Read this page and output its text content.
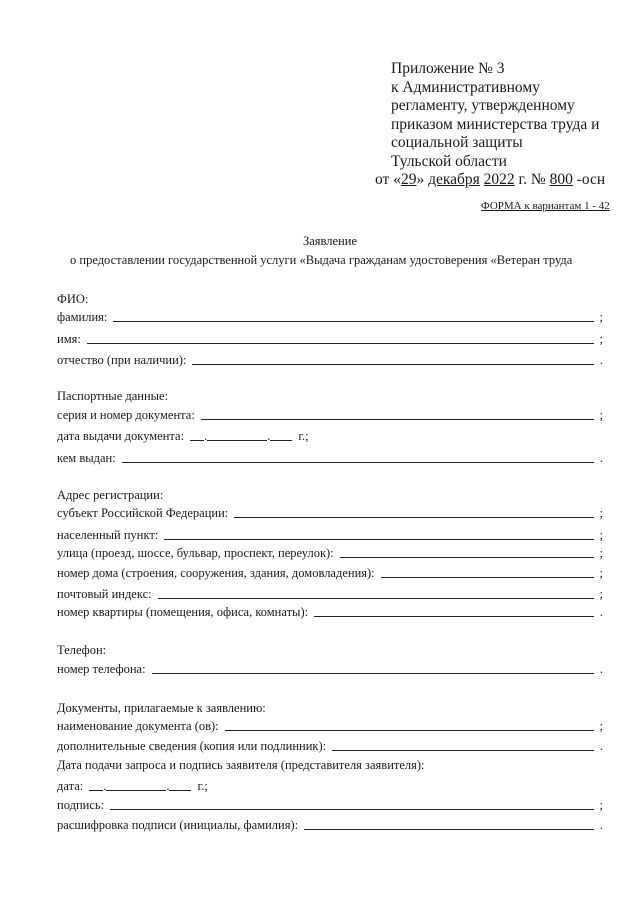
Приложение № 3
к Административному
регламенту, утвержденному
приказом министерства труда и
социальной защиты
Тульской области
от «29» декабря 2022 г. № 800 -осн
ФОРМА к вариантам 1 - 42
Заявление
о предоставлении государственной услуги «Выдача гражданам удостоверения «Ветеран труда
ФИО:
фамилия:	;
имя:	;
отчество (при наличии):	.
Паспортные данные:
серия и номер документа:	;
дата выдачи документа: .	. г.;
кем выдан:	.
Адрес регистрации:
субъект Российской Федерации:	;
населенный пункт:	;
улица (проезд, шоссе, бульвар, проспект, переулок):	;
номер дома (строения, сооружения, здания, домовладения):	;
почтовый индекс:	;
номер квартиры (помещения, офиса, комнаты):	.
Телефон:
номер телефона:	.
Документы, прилагаемые к заявлению:
наименование документа (ов):	;
дополнительные сведения (копия или подлинник):	.
Дата подачи запроса и подпись заявителя (представителя заявителя):
дата: .	. г.;
подпись:	;
расшифровка подписи (инициалы, фамилия):	.
